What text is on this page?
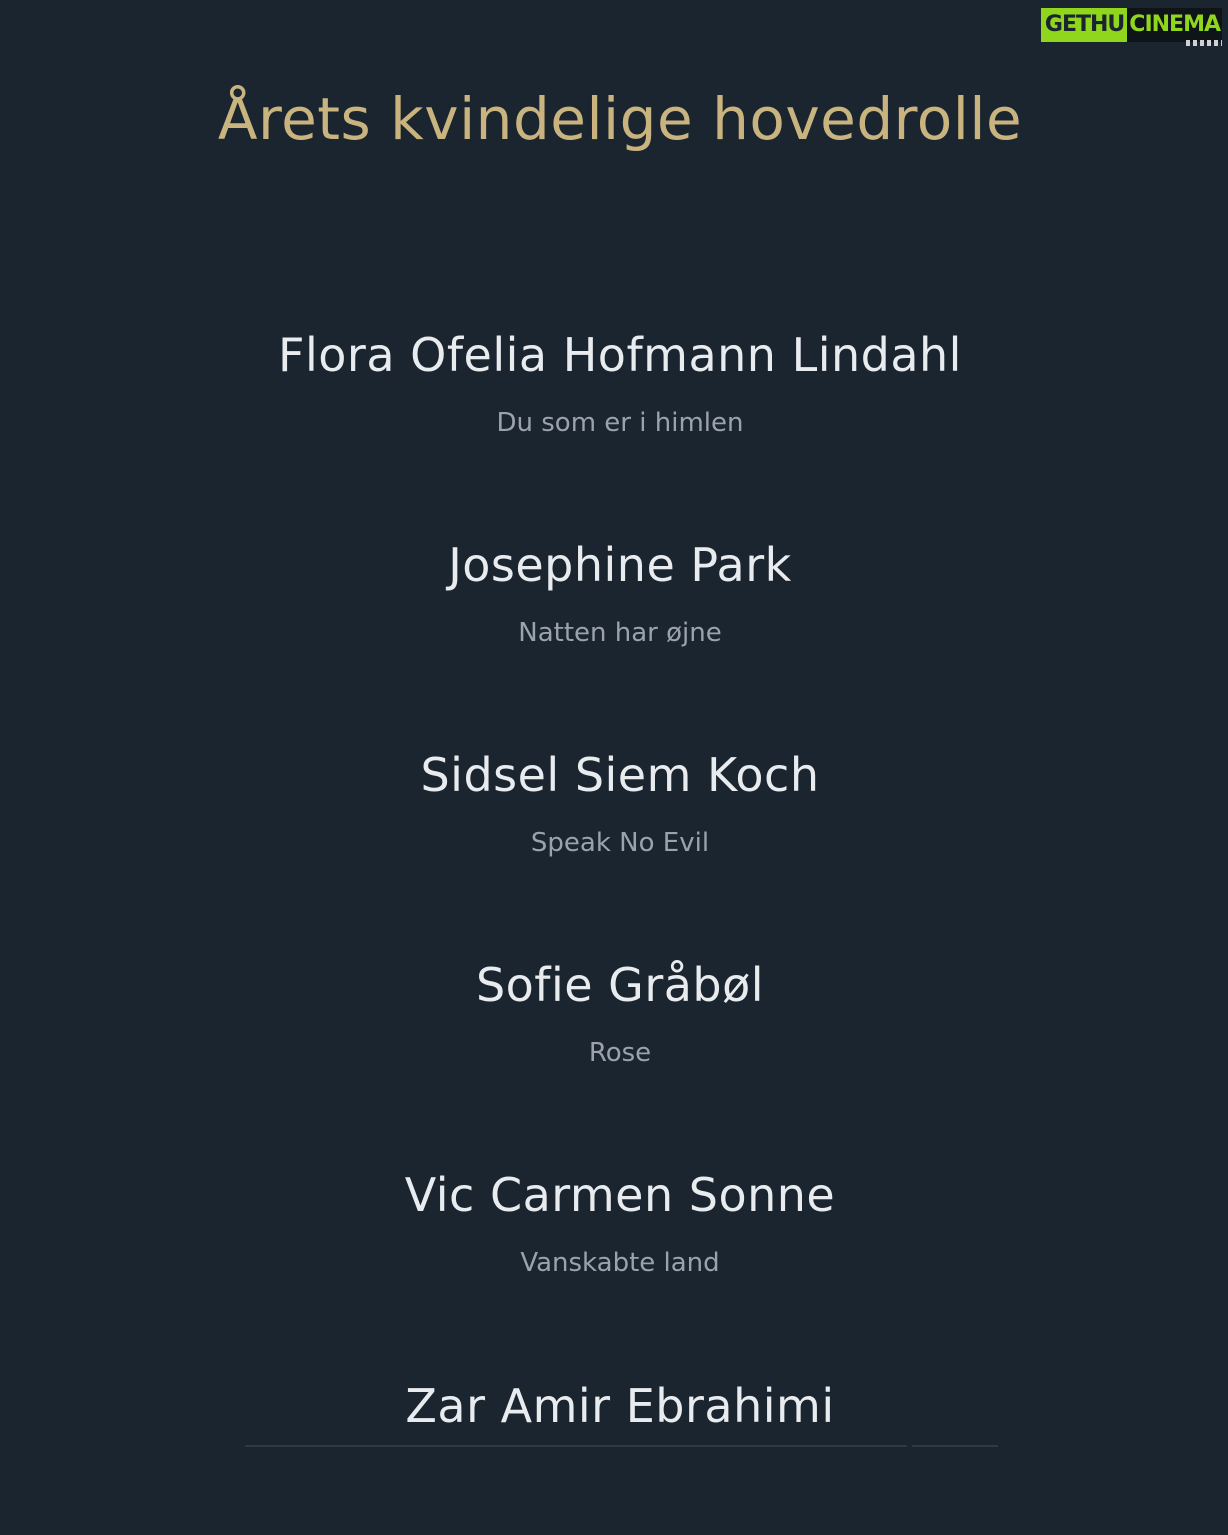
Årets kvindelige hovedrolle
Flora Ofelia Hofmann Lindahl
Du som er i himlen
Josephine Park
Natten har øjne
Sidsel Siem Koch
Speak No Evil
Sofie Gråbøl
Rose
Vic Carmen Sonne
Vanskabte land
Zar Amir Ebrahimi
GETHU CINEMA
